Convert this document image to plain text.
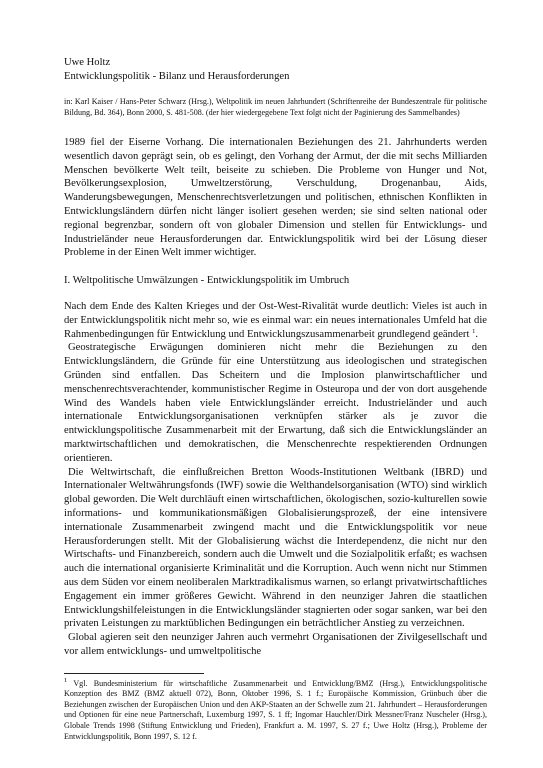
Uwe Holtz
Entwicklungspolitik - Bilanz und Herausforderungen
in: Karl Kaiser / Hans-Peter Schwarz (Hrsg.), Weltpolitik im neuen Jahrhundert (Schriftenreihe der Bundeszentrale für politische Bildung, Bd. 364), Bonn 2000, S. 481-508. (der hier wiedergegebene Text folgt nicht der Paginierung des Sammelbandes)

1989 fiel der Eiserne Vorhang. Die internationalen Beziehungen des 21. Jahrhunderts werden wesentlich davon geprägt sein, ob es gelingt, den Vorhang der Armut, der die mit sechs Milliarden Menschen bevölkerte Welt teilt, beiseite zu schieben. Die Probleme von Hunger und Not, Bevölkerungsexplosion, Umweltzerstörung, Verschuldung, Drogenanbau, Aids, Wanderungsbewegungen, Menschenrechtsverletzungen und politischen, ethnischen Konflikten in Entwicklungsländern dürfen nicht länger isoliert gesehen werden; sie sind selten national oder regional begrenzbar, sondern oft von globaler Dimension und stellen für Entwicklungs- und Industrieländer neue Herausforderungen dar. Entwicklungspolitik wird bei der Lösung dieser Probleme in der Einen Welt immer wichtiger.

I. Weltpolitische Umwälzungen - Entwicklungspolitik im Umbruch

Nach dem Ende des Kalten Krieges und der Ost-West-Rivalität wurde deutlich: Vieles ist auch in der Entwicklungspolitik nicht mehr so, wie es einmal war: ein neues internationales Umfeld hat die Rahmenbedingungen für Entwicklung und Entwicklungszusammenarbeit grundlegend geändert $^1$.

Geostrategische Erwägungen dominieren nicht mehr die Beziehungen zu den Entwicklungsländern, die Gründe für eine Unterstützung aus ideologischen und strategischen Gründen sind entfallen. Das Scheitern und die Implosion planwirtschaftlicher und menschenrechtsverachtender, kommunistischer Regime in Osteuropa und der von dort ausgehende Wind des Wandels haben viele Entwicklungsländer erreicht. Industrieländer und auch internationale Entwicklungsorganisationen verknüpfen stärker als je zuvor die entwicklungspolitische Zusammenarbeit mit der Erwartung, daß sich die Entwicklungsländer an marktwirtschaftlichen und demokratischen, die Menschenrechte respektierenden Ordnungen orientieren.

Die Weltwirtschaft, die einflußreichen Bretton Woods-Institutionen Weltbank (IBRD) und Internationaler Weltwährungsfonds (IWF) sowie die Welthandelsorganisation (WTO) sind wirklich global geworden. Die Welt durchläuft einen wirtschaftlichen, ökologischen, sozio-kulturellen sowie informations- und kommunikationsmäßigen Globalisierungsprozeß, der eine intensivere internationale Zusammenarbeit zwingend macht und die Entwicklungspolitik vor neue Herausforderungen stellt. Mit der Globalisierung wächst die Interdependenz, die nicht nur den Wirtschafts- und Finanzbereich, sondern auch die Umwelt und die Sozialpolitik erfaßt; es wachsen auch die international organisierte Kriminalität und die Korruption. Auch wenn nicht nur Stimmen aus dem Süden vor einem neoliberalen Marktradikalismus warnen, so erlangt privatwirtschaftliches Engagement ein immer größeres Gewicht. Während in den neunziger Jahren die staatlichen Entwicklungshilfeleistungen in die Entwicklungsländer stagnierten oder sogar sanken, war bei den privaten Leistungen zu marktüblichen Bedingungen ein beträchtlicher Anstieg zu verzeichnen.

Global agieren seit den neunziger Jahren auch vermehrt Organisationen der Zivilgesellschaft und vor allem entwicklungs- und umweltpolitische

$^1$ Vgl. Bundesministerium für wirtschaftliche Zusammenarbeit und Entwicklung/BMZ (Hrsg.), Entwicklungspolitische Konzeption des BMZ (BMZ aktuell 072), Bonn, Oktober 1996, S. 1 f.; Europäische Kommission, Grünbuch über die Beziehungen zwischen der Europäischen Union und den AKP-Staaten an der Schwelle zum 21. Jahrhundert – Herausforderungen und Optionen für eine neue Partnerschaft, Luxemburg 1997, S. 1 ff; Ingomar Hauchler/Dirk Messner/Franz Nuscheler (Hrsg.), Globale Trends 1998 (Stiftung Entwicklung und Frieden), Frankfurt a. M. 1997, S. 27 f.; Uwe Holtz (Hrsg.), Probleme der Entwicklungspolitik, Bonn 1997, S. 12 f.
